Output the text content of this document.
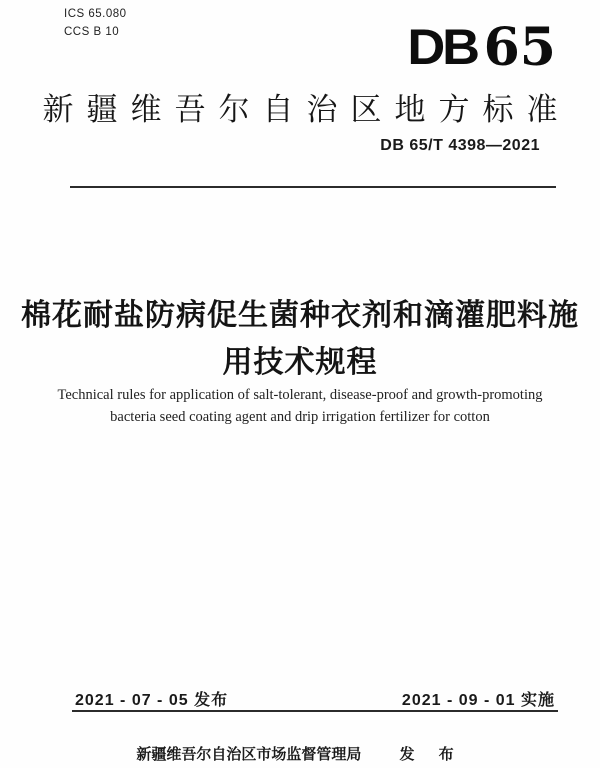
ICS 65.080
CCS B 10	DB 65
新疆维吾尔自治区地方标准
DB 65/T 4398—2021
棉花耐盐防病促生菌种衣剂和滴灌肥料施
用技术规程
Technical rules for application of salt-tolerant, disease-proof and growth-promoting
bacteria seed coating agent and drip irrigation fertilizer for cotton
2021 - 07 - 05 发布	2021 - 09 - 01 实施
新疆维吾尔自治区市场监督管理局	发 布
